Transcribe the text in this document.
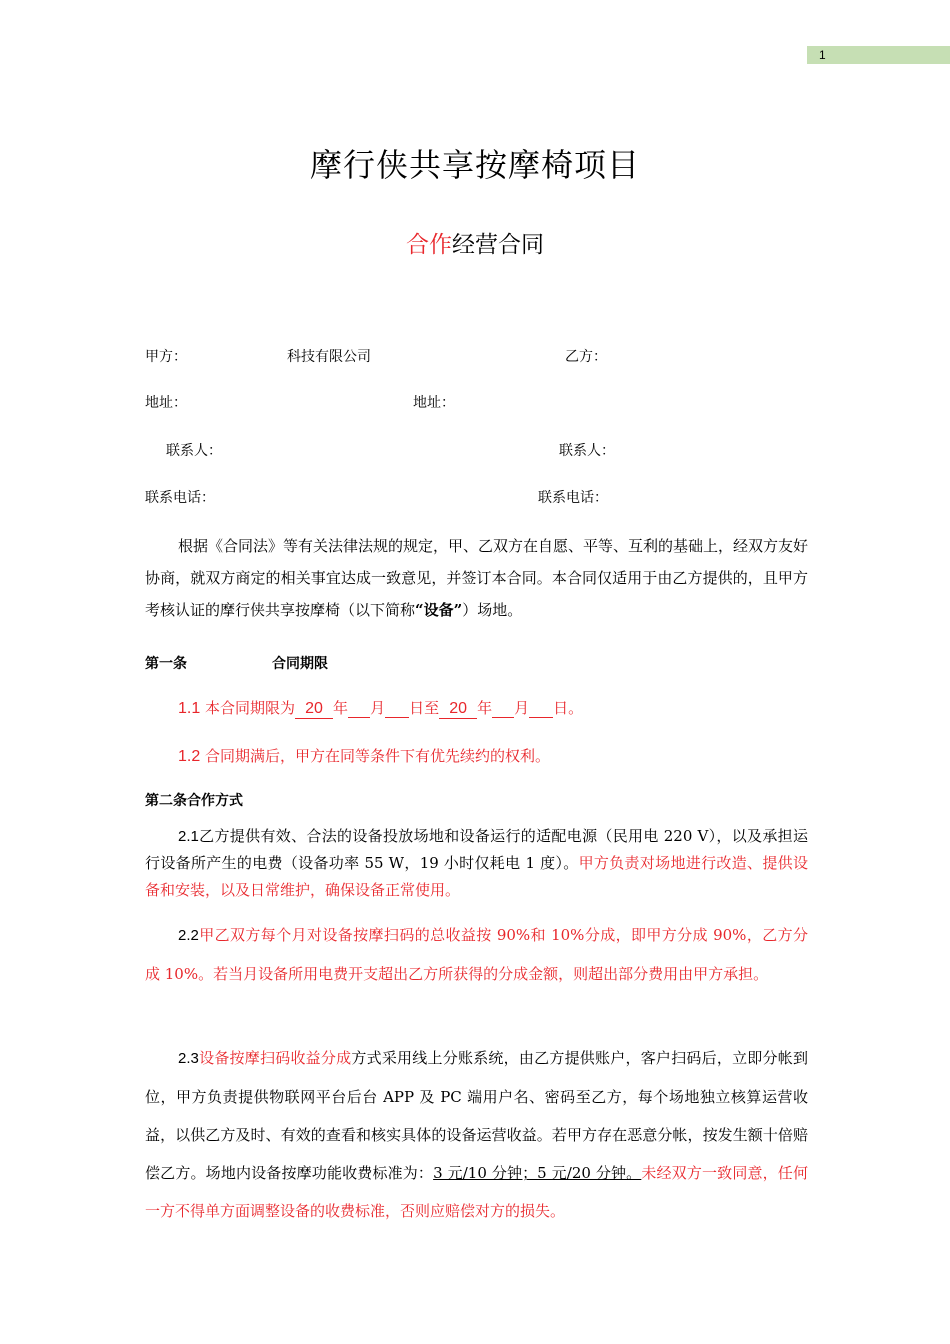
1
摩行侠共享按摩椅项目
合作经营合同
甲方：	科技有限公司	乙方：
地址：	地址：
联系人：	联系人：
联系电话：	联系电话：
根据《合同法》等有关法律法规的规定，甲、乙双方在自愿、平等、互利的基础上，经双方友好协商，就双方商定的相关事宜达成一致意见，并签订本合同。本合同仅适用于由乙方提供的，且甲方考核认证的摩行侠共享按摩椅（以下简称“设备”）场地。
第一条	合同期限
1.1 本合同期限为 20 年 月 日至 20 年 月 日。
1.2 合同期满后，甲方在同等条件下有优先续约的权利。
第二条合作方式
2.1乙方提供有效、合法的设备投放场地和设备运行的适配电源（民用电 220 V），以及承担运行设备所产生的电费（设备功率 55 W，19 小时仅耗电 1 度）。甲方负责对场地进行改造、提供设备和安装，以及日常维护，确保设备正常使用。
2.2甲乙双方每个月对设备按摩扫码的总收益按 90%和 10%分成，即甲方分成 90%，乙方分成 10%。若当月设备所用电费开支超出乙方所获得的分成金额，则超出部分费用由甲方承担。
2.3设备按摩扫码收益分成方式采用线上分账系统，由乙方提供账户，客户扫码后，立即分帐到位，甲方负责提供物联网平台后台 APP 及 PC 端用户名、密码至乙方，每个场地独立核算运营收益，以供乙方及时、有效的查看和核实具体的设备运营收益。若甲方存在恶意分帐，按发生额十倍赔偿乙方。场地内设备按摩功能收费标准为：3 元/10 分钟；5 元/20 分钟。未经双方一致同意，任何一方不得单方面调整设备的收费标准，否则应赔偿对方的损失。
